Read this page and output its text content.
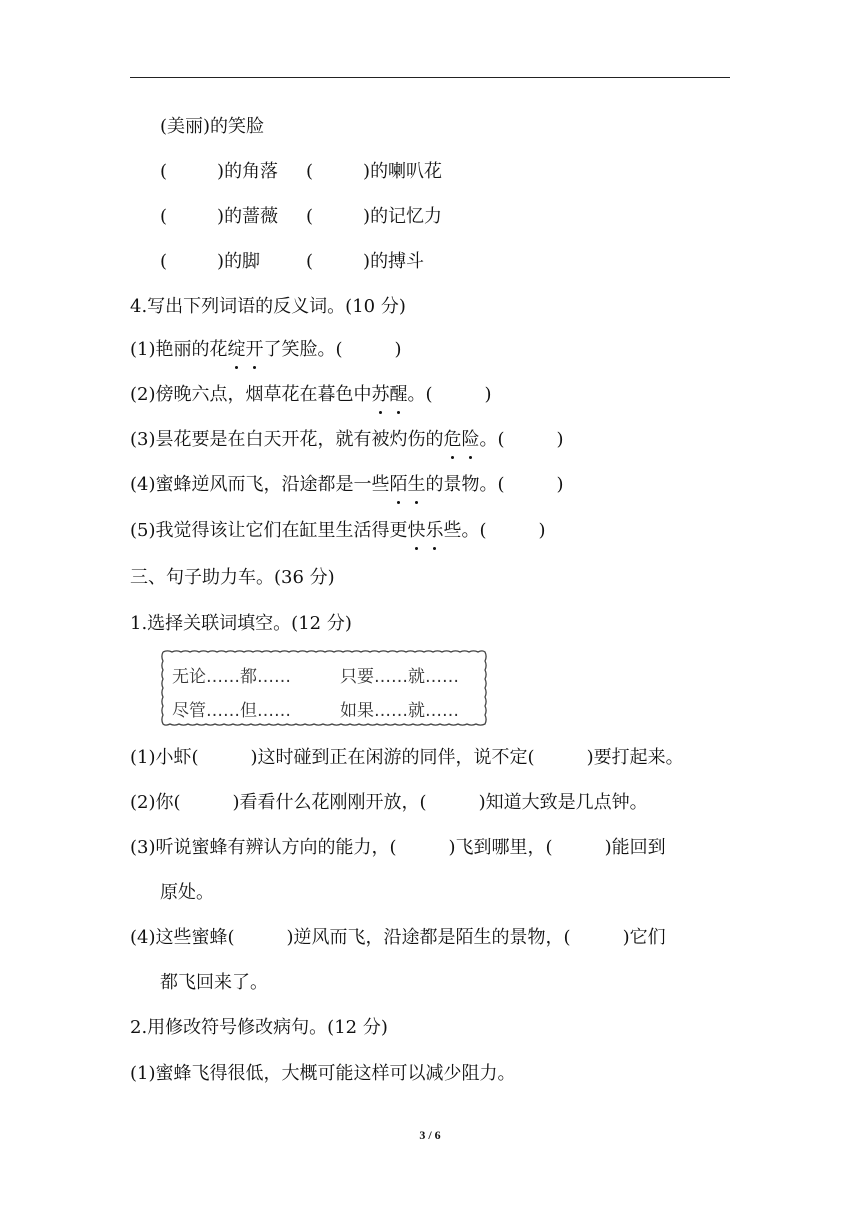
(美丽)的笑脸
(	)的角落 (	)的喇叭花
(	)的蔷薇 (	)的记忆力
(	)的脚	(	)的搏斗
4.写出下列词语的反义词。(10 分)
(1)艳丽的花绽开了笑脸。(	)
(2)傍晚六点，烟草花在暮色中苏醒。(	)
(3)昙花要是在白天开花，就有被灼伤的危险。(	)
(4)蜜蜂逆风而飞，沿途都是一些陌生的景物。(	)
(5)我觉得该让它们在缸里生活得更快乐些。(	)
三、句子助力车。(36 分)
1.选择关联词填空。(12 分)
无论……都……	只要……就……
尽管……但……	如果……就……
(1)小虾(	)这时碰到正在闲游的同伴，说不定(	)要打起来。
(2)你(	)看看什么花刚刚开放，(	)知道大致是几点钟。
(3)听说蜜蜂有辨认方向的能力，(	)飞到哪里，(	)能回到
原处。
(4)这些蜜蜂(	)逆风而飞，沿途都是陌生的景物，(	)它们
都飞回来了。
2.用修改符号修改病句。(12 分)
(1)蜜蜂飞得很低，大概可能这样可以减少阻力。
3 / 6
